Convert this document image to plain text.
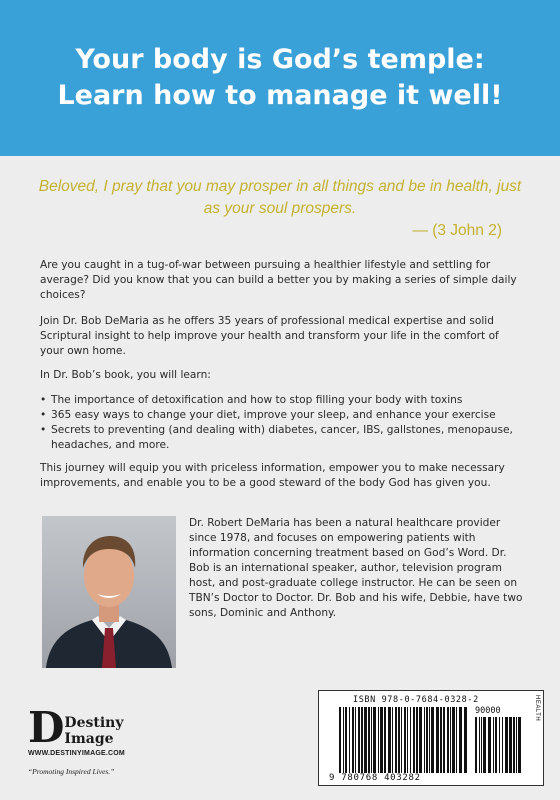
Your body is God’s temple:
Learn how to manage it well!
Beloved, I pray that you may prosper in all things and be in health, just as your soul prospers.
— (3 John 2)
Are you caught in a tug-of-war between pursuing a healthier lifestyle and settling for average? Did you know that you can build a better you by making a series of simple daily choices?
Join Dr. Bob DeMaria as he offers 35 years of professional medical expertise and solid Scriptural insight to help improve your health and transform your life in the comfort of your own home.
In Dr. Bob’s book, you will learn:
• The importance of detoxification and how to stop filling your body with toxins
• 365 easy ways to change your diet, improve your sleep, and enhance your exercise
• Secrets to preventing (and dealing with) diabetes, cancer, IBS, gallstones, menopause, headaches, and more.
This journey will equip you with priceless information, empower you to make necessary improvements, and enable you to be a good steward of the body God has given you.
Dr. Robert DeMaria has been a natural healthcare provider since 1978, and focuses on empowering patients with information concerning treatment based on God’s Word. Dr. Bob is an international speaker, author, television program host, and post-graduate college instructor. He can be seen on TBN’s Doctor to Doctor. Dr. Bob and his wife, Debbie, have two sons, Dominic and Anthony.
D Destiny
Image
WWW.DESTINYIMAGE.COM
“Promoting Inspired Lives.”
ISBN 978-0-7684-0328-2
90000	HEALTH
9 780768 403282
